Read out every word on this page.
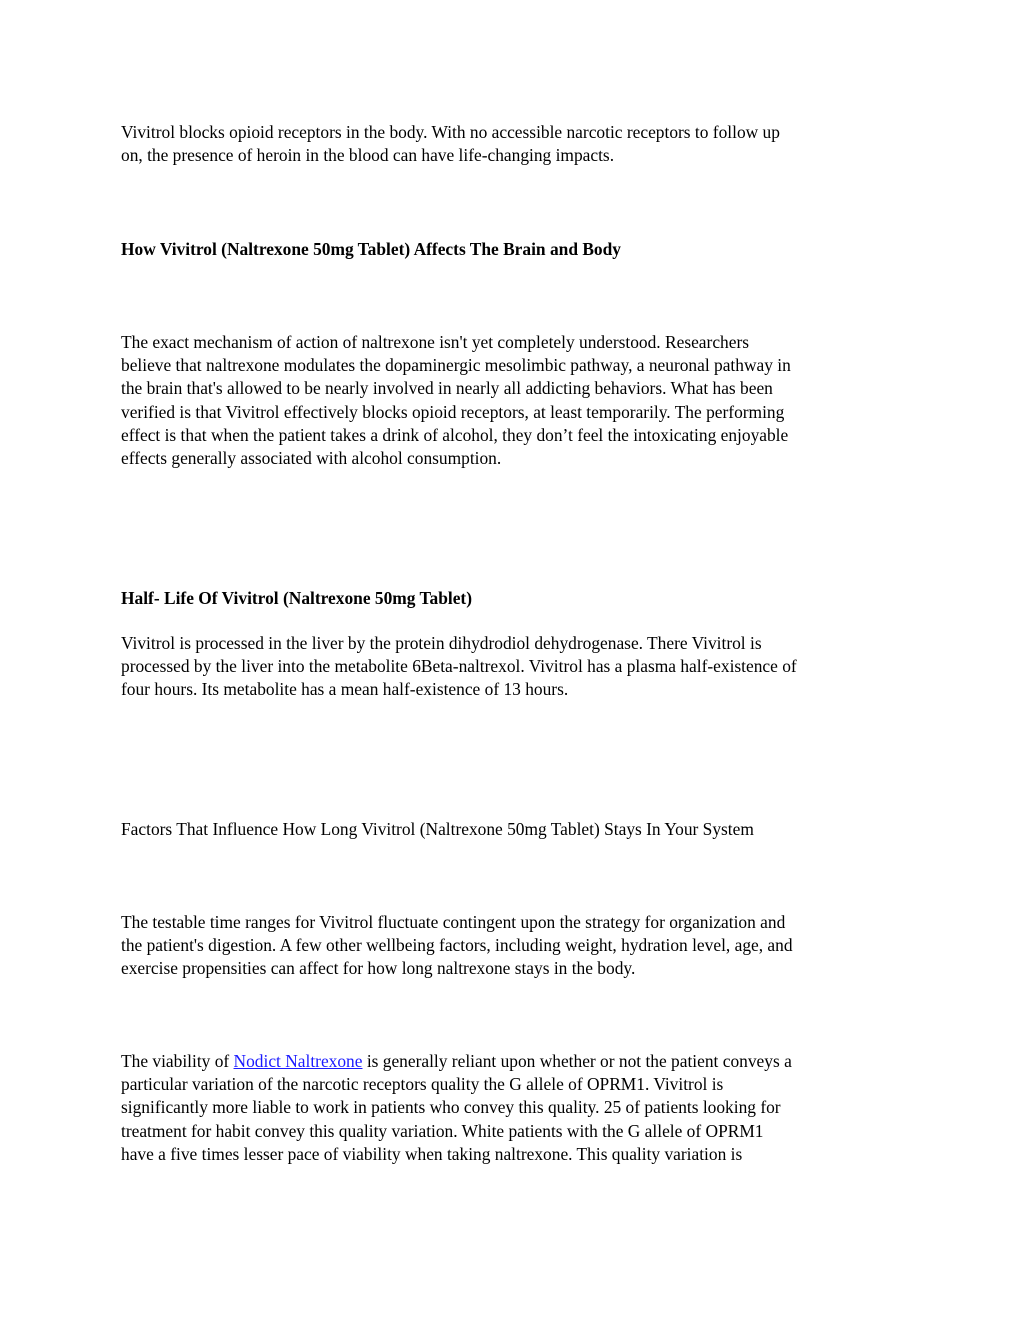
Vivitrol blocks opioid receptors in the body. With no accessible narcotic receptors to follow up
on, the presence of heroin in the blood can have life-changing impacts.

How Vivitrol (Naltrexone 50mg Tablet) Affects The Brain and Body

The exact mechanism of action of naltrexone isn't yet completely understood. Researchers
believe that naltrexone modulates the dopaminergic mesolimbic pathway, a neuronal pathway in
the brain that's allowed to be nearly involved in nearly all addicting behaviors. What has been
verified is that Vivitrol effectively blocks opioid receptors, at least temporarily. The performing
effect is that when the patient takes a drink of alcohol, they don’t feel the intoxicating enjoyable
effects generally associated with alcohol consumption.

Half- Life Of Vivitrol (Naltrexone 50mg Tablet)

Vivitrol is processed in the liver by the protein dihydrodiol dehydrogenase. There Vivitrol is
processed by the liver into the metabolite 6Beta-naltrexol. Vivitrol has a plasma half-existence of
four hours. Its metabolite has a mean half-existence of 13 hours.

Factors That Influence How Long Vivitrol (Naltrexone 50mg Tablet) Stays In Your System

The testable time ranges for Vivitrol fluctuate contingent upon the strategy for organization and
the patient's digestion. A few other wellbeing factors, including weight, hydration level, age, and
exercise propensities can affect for how long naltrexone stays in the body.

The viability of Nodict Naltrexone is generally reliant upon whether or not the patient conveys a
particular variation of the narcotic receptors quality the G allele of OPRM1. Vivitrol is
significantly more liable to work in patients who convey this quality. 25 of patients looking for
treatment for habit convey this quality variation. White patients with the G allele of OPRM1
have a five times lesser pace of viability when taking naltrexone. This quality variation is
